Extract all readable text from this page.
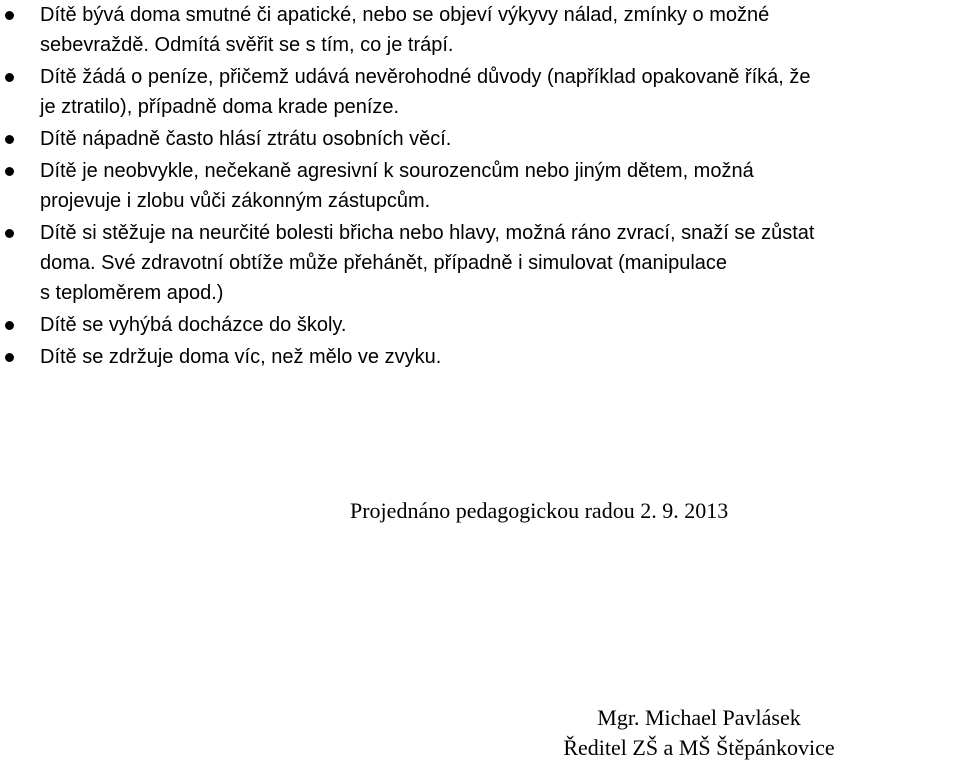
Dítě bývá doma smutné či apatické, nebo se objeví výkyvy nálad, zmínky o možné
sebevraždě. Odmítá svěřit se s tím, co je trápí.
Dítě žádá o peníze, přičemž udává nevěrohodné důvody (například opakovaně říká, že
je ztratilo), případně doma krade peníze.
Dítě nápadně často hlásí ztrátu osobních věcí.
Dítě je neobvykle, nečekaně agresivní k sourozencům nebo jiným dětem, možná
projevuje i zlobu vůči zákonným zástupcům.
Dítě si stěžuje na neurčité bolesti břicha nebo hlavy, možná ráno zvrací, snaží se zůstat
doma. Své zdravotní obtíže může přehánět, případně i simulovat (manipulace
s teploměrem apod.)
Dítě se vyhýbá docházce do školy.
Dítě se zdržuje doma víc, než mělo ve zvyku.
Projednáno pedagogickou radou 2. 9. 2013
Mgr. Michael Pavlásek
Ředitel ZŠ a MŠ Štěpánkovice
